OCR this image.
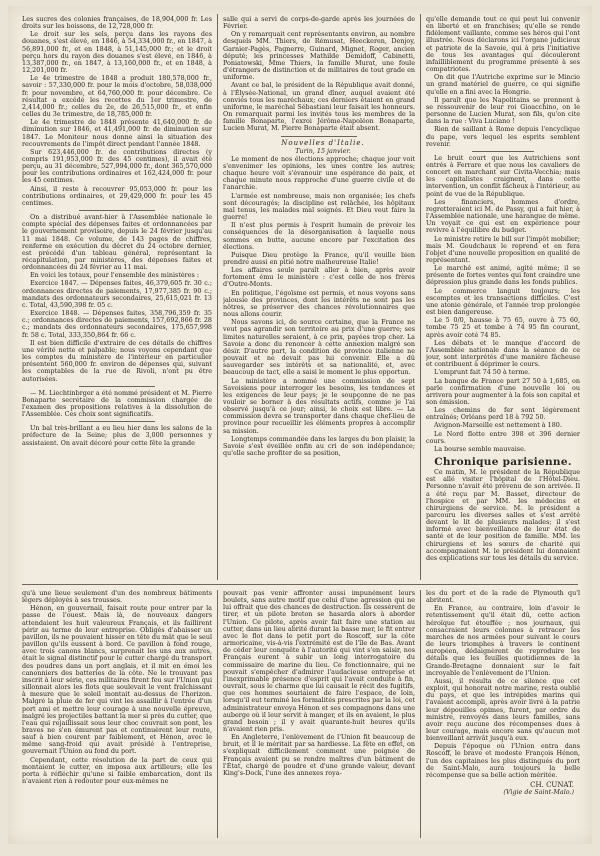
Les sucres des colonies françaises, de 18,904,000 fr. Les droits sur les boissons, de 12,728,000 fr.

Le droit sur les sels, perçu dans les rayons des douanes, s'est élevé, en 1846, à 54,334,000 fr., en 1847, à 56,891,000 fr., et en 1848, à 51,145,000 fr.; et le droit perçu hors du rayon des douanes s'est élevé, en 1846, à 13,387,000 fr., en 1847, à 13,160,000 fr., et en 1848, à 12,201,000 fr.

Le 4e trimestre de 1848 a produit 180,578,000 fr., savoir : 57,330,000 fr. pour le mois d'octobre, 58,038,000 fr. pour novembre, et 64,760,000 fr. pour décembre. Ce résultat a excédé les recettes du 1er trimestre, de 2,414,000 fr.; celles du 2e, de 26,515,000 fr., et enfin celles du 3e trimestre, de 18,785,000 fr.

Le 4e trimestre de 1848 présente 41,640,000 fr. de diminution sur 1846, et 41,491,000 fr. de diminution sur 1847. Le Moniteur nous donne ainsi la situation des recouvrements de l'impôt direct pendant l'année 1848.

Sur 623,446,000 fr. de contributions directes (y compris 191,953,000 fr. des 45 centimes), il avait été perçu, au 31 décembre, 527,994,000 fr., dont 365,570,000 pour les contributions ordinaires et 162,424,000 fr. pour les 45 centimes.

Ainsi, il reste à recouvrer 95,053,000 fr. pour les contributions ordinaires, et 29,429,000 fr. pour les 45 centimes.

On a distribué avant-hier à l'Assemblée nationale le compte spécial des dépenses faites et ordonnancées par le gouvernement provisoire, depuis le 24 février jusqu'au 11 mai 1848. Ce volume, de 143 pages de chiffres, renferme en exécution du décret du 24 octobre dernier, est précédé d'un tableau général, représentant la récapitulation, par ministères, des dépenses faites et ordonnancées du 24 février au 11 mai.

En voici les totaux, pour l'ensemble des ministères :

Exercice 1847. — Dépenses faites, 46,379,605 fr. 30 c.; ordonnances directes de paiements, 17,977,385 fr. 90 c.; mandats des ordonnateurs secondaires, 25,615,021 fr. 13 c. Total, 43,590,398 fr. 05 c.

Exercice 1848. — Dépenses faites, 358,796,359 fr. 35 c.; ordonnances directes de paiements, 157,692,866 fr. 28 c.; mandats des ordonnateurs secondaires, 175,657,998 fr. 58 c. Total, 333,350,864 fr. 66 c.

Il est bien difficile d'extraire de ces détails de chiffres une vérité nette et palpable; nous voyons cependant que les comptes du ministère de l'intérieur en particulier présentent 560,000 fr. environ de dépenses qui, suivant les comptables de la rue de Rivoli, n'ont pu être autorisées.

— M. Liechtinbrger a été nommé président et M. Pierre Bonaparte secrétaire de la commission chargée de l'examen des propositions relatives à la dissolution de l'Assemblée. Ces choix sont significatifs.

Un bal très-brillant a eu lieu hier dans les salons de la préfecture de la Seine; plus de 3,000 personnes y assistaient. On avait décoré pour cette fête la grande

salle qui a servi de corps-de-garde après les journées de Février.

On y remarquait cent représentants environ, au nombre desquels MM. Thiers, de Rémusat, Heeckeren, Denjoy, Garnier-Pagès, Pagnerre, Guinard, Mignet, Roger, ancien député; les princesses Mathilde Demidoff, Cabinetti, Poniatowski, Mme Thiers, la famille Murat, une foule d'étrangers de distinction et de militaires de tout grade en uniforme.

Avant ce bal, le président de la République avait donné, à l'Élysée-National, un grand dîner, auquel avaient été conviés tous les maréchaux; ces derniers étaient en grand uniforme, le maréchal Sébastiani leur faisait les honneurs. On remarquait parmi les invités tous les membres de la famille Bonaparte, l'exroi Jérôme-Napoléon Bonaparte, Lucien Murat, M. Pierre Bonaparte était absent.

Nouvelles d'Italie.

Turin, 15 janvier.

Le moment de nos élections approche; chaque jour voit s'envenimer les opinions, les unes contre les autres; chaque heure voit s'évanouir une espérance de paix, et chaque minute nous rapproche d'une guerre civile et de l'anarchie.

L'armée est nombreuse, mais non organisée; les chefs sont découragés; la discipline est relâchée, les hôpitaux mal tenus, les malades mal soignés. Et Dieu veut faire la guerre!

Il n'est plus permis à l'esprit humain de prévoir les conséquences de la désorganisation à laquelle nous sommes en butte, aucune encore par l'excitation des élections.

Puisque Dieu protège la France, qu'il veuille bien prendre aussi en pitié notre malheureuse Italie!

Les affaires seule paraît aller à bien, après avoir fortement ému le ministère : c'est celle de nos frères d'Outre-Monts.

En politique, l'égoïsme est permis, et nous voyons sans jalousie des provinces, dont les intérêts ne sont pas les nôtres, se préserver des chances révolutionnaires que nous allons courir.

Nous savons ici, de source certaine, que la France ne veut pas agrandir son territoire au prix d'une guerre; ses limites naturelles seraient, à ce prix, payées trop cher. La Savoie a donc du renoncer à cette annexion malgré son désir. D'autre part, la condition de province italienne ne pouvait et ne devait pas lui convenir. Elle a dû sauvegarder ses intérêts et sa nationalité, et, avec beaucoup de tact, elle a saisi le moment le plus opportun.

Le ministère a nommé une commission de sept Savoisiens pour interroger les besoins, les tendances et les exigences de leur pays; je le soupçonne de ne pas vouloir se borner à des résultats actifs, comme je l'ai observé jusqu'à ce jour; ainsi, le choix est libre. — La commission devra se transporter dans chaque chef-lieu de province pour recueillir les éléments propres à accomplir sa mission.

Longtemps commandée dans les larges du bon plaisir, la Savoie s'est éveillée enfin au cri de son indépendance; qu'elle sache profiter de sa position,

qu'elle demande tout ce qui peut lui convenir en liberté et en franchises; qu'elle se rende fidèlement vaillante, comme ses héros qui l'ont illustrée. Nous déclarons ici l'organe judicieux et patriote de la Savoie, qui à pris l'initiative de tous les avantages qui découleront infailliblement du programme présenté à ses compatriotes.

On dit que l'Autriche exprime sur le Mincio un grand matériel de guerre, ce qui signifie qu'elle en a fini avec la Hongrie.

Il paraît que les Napolitains se prennent à se ressouvenir de leur roi Gioacchino, on le personne de Lucien Murat, son fils, qu'on cite dans la rue : Viva Luciano !

Rien de saillant à Rome depuis l'encyclique du pape, vers lequel les esprits semblent revenir.

Le bruit court que les Autrichiens sont entrés à Ferrare et que nous les cavaliers de concert en marchant sur Civita-Vecchia; mais les capitalistes craignent, dans cette intervention, un conflit fâcheux à l'intérieur, au point de vue de la République.

Les financiers, hommes d'ordre, regretteraient ici M. de Passy, qui a fait hier, à l'Assemblée nationale, une harangue de même. Un voyait ce qui est en expérience pour revivre à l'équilibre du budget.

Le ministre retire le bill sur l'impôt mobilier; mais M. Goudchaux le reprend et en fera l'objet d'une nouvelle proposition en qualité de représentant.

Le marché est animé, agité même; il se présente de fortes ventes qui font craindre une dépression plus grande dans les fonds publics.

Le commerce languit toujours; les escomptes et les transactions difficiles. C'est une atonie générale, et l'année trop prolongée est bien dangereuse.

Le 5 0/0, hausse à 75 65, ouvre à 75 60, tombe 75 25 et tombe à 74 95 fin courant, après avoir coté 74 85.

Les débats et le manque d'accord de l'Assemblée nationale dans la séance de ce jour, sont interprétés d'une manière fâcheuse et contribuent à déprimer le cours.

L'emprunt fait 74 50 à terme.

La banque de France part 27 50 à 1,685, on parle confirmation d'une nouvelle loi ou arrivera pour augmenter à la fois son capital et son émission.

Les chemins de fer sont légèrement entraînés; Orléans perd 18 à 792 50.

Avignon-Marseille est nettement à 180.

Le Nord flotte entre 398 et 396 dernier cours.

La bourse semble mauvaise.

Chronique parisienne.

Ce matin, M. le président de la République est allé visiter l'hôpital de l'Hôtel-Dieu. Personne n'avait été prévenu de son arrivée. Il a été reçu par M. Basset, directeur de l'hospice et par MM. les médecins et chirurgiens de service. M. le président a parcouru les diverses salles et s'est arrêté devant le lit de plusieurs malades; il s'est informé avec bienveillance de leur état de santé et de leur position de famille. MM. les chirurgiens et les sœurs de charité qui accompagnaient M. le président lui donnaient des explications sur tous les détails du service.

qu'à une lieue seulement d'un des nombreux bâtiments légers déployés à ses trousses.

Hénon, en gouvernail, faisait route pour entrer par la passe de l'ouest. Mais là, de nouveaux dangers attendaient les huit valeureux Français, et ils faillirent périr au terme de leur entreprise. Obligés d'abaisser un pavillon, ils ne pouvaient hisser en tête du mât que le seul pavillon qu'ils eussent à bord. Ce pavillon à fond rouge, avec trois canons blancs, surprenait les uns aux autres, était le signal distinctif pour le cutter chargé du transport des poudres dans un port anglais, et il mit en émoi les canonniers des batteries de la côte. Ne le trouvant pas inscrit à leur série, ces militaires firent feu sur l'Union qui sillonnait alors les flots que soulevait le vent fraîchissant à mesure que le soleil montait au-dessus de l'horizon. Malgré la pluie de fer qui vint les assaillir à l'entrée d'un port ami et mettre leur courage à une nouvelle épreuve, malgré les projectiles battant la mer si près du cutter, que l'eau qui rejaillissait sous leur choc couvrait son pont, les braves ne s'en émurent pas et continuèrent leur route, sauf à bien courent par faiblement, et Hénon, avec le même sang-froid qui avait présidé à l'entreprise, gouvernait l'Union au fond du port.

Cependant, cette résolution de la part de ceux qui montaient le cutter, en imposa aux artilleurs; elle les porta à réfléchir qu'une si faible embarcation, dont ils n'avaient rien à redouter pour eux-mêmes ne

pouvait pas venir affronter aussi impunément leurs boulets, sans autre motif que celui d'une agression qui ne lui offrait que des chances de destruction. Ils cessèrent de tirer, et un pilote breton se hasarda alors à aborder l'Union. Ce pilote, après avoir fait faire une station au cutter, dans un lieu abrité durant la basse mer, le fit entrer avec le flot dans le petit port de Roscoff, sur la côte armoricaine, vis-à-vis l'extrémité est de l'île de Bas. Avant de céder leur conquête à l'autorité qui vint s'en saisir, nos Français eurent à subir un long interrogatoire du commissaire de marine du lieu. Ce fonctionnaire, qui ne pouvait s'empêcher d'admirer l'audacieuse entreprise et l'inexprimable présence d'esprit qui l'avait conduite à fin, ouvrait, sous le charme que lui causait le récit des fugitifs, que ces hommes souriaient de faire l'espace, de loin, lorsqu'il eut terminé les formalités prescrites par la loi, cet administrateur envoya Hénon et ses compagnons dans une auberge où il leur servit à manger, et ils en avaient, le plus grand besoin ; il y avait quarante-huit heures qu'ils n'avaient rien pris.

En Angleterre, l'enlèvement de l'Union fit beaucoup de bruit, et il le méritait par sa hardiesse. La fête en effet, on s'expliquait difficilement comment une poignée de Français avaient pu se rendre maîtres d'un bâtiment de l'État, chargé de poudre et d'une grande valeur, devant King's-Dock, l'une des annexes roya-

les du port et de la rade de Plymouth qu'l abritent.

En France, au contraire, loin d'avoir le retentissement qu'il était dû, cette action héroïque fut étouffée ; nos journaux, qui consacraient leurs colonnes à retracer les marches de nos armées pour suivant le cours de leurs triomphes à travers le continent européen, dédaignèrent de reproduire les détails que les feuilles quotidiennes de la Grande-Bretagne donnaient sur le fait incroyable de l'enlèvement de l'Union.

Aussi, il résulta de ce silence que cet exploit, qui honorait notre marine, resta oublié du pays, et que les intrépides marins qui l'avaient accompli, après avoir livré à la patrie leur dépouilles opimes, furent, par ordre du ministre, renvoyés dans leurs familles, sans avoir reçu aucune des récompenses dues à leur courage, mais encore sans qu'aucun mot bienveillant arrivât jusqu'à eux.

Depuis l'époque où l'Union entra dans Roscoff, le brave et modeste François Hénon, l'un des capitaines les plus distingués du port de Saint-Malo, aura toujours la belle récompense que sa belle action méritée.

CH. CUNAT.
(Vigie de Saint-Malo.)
